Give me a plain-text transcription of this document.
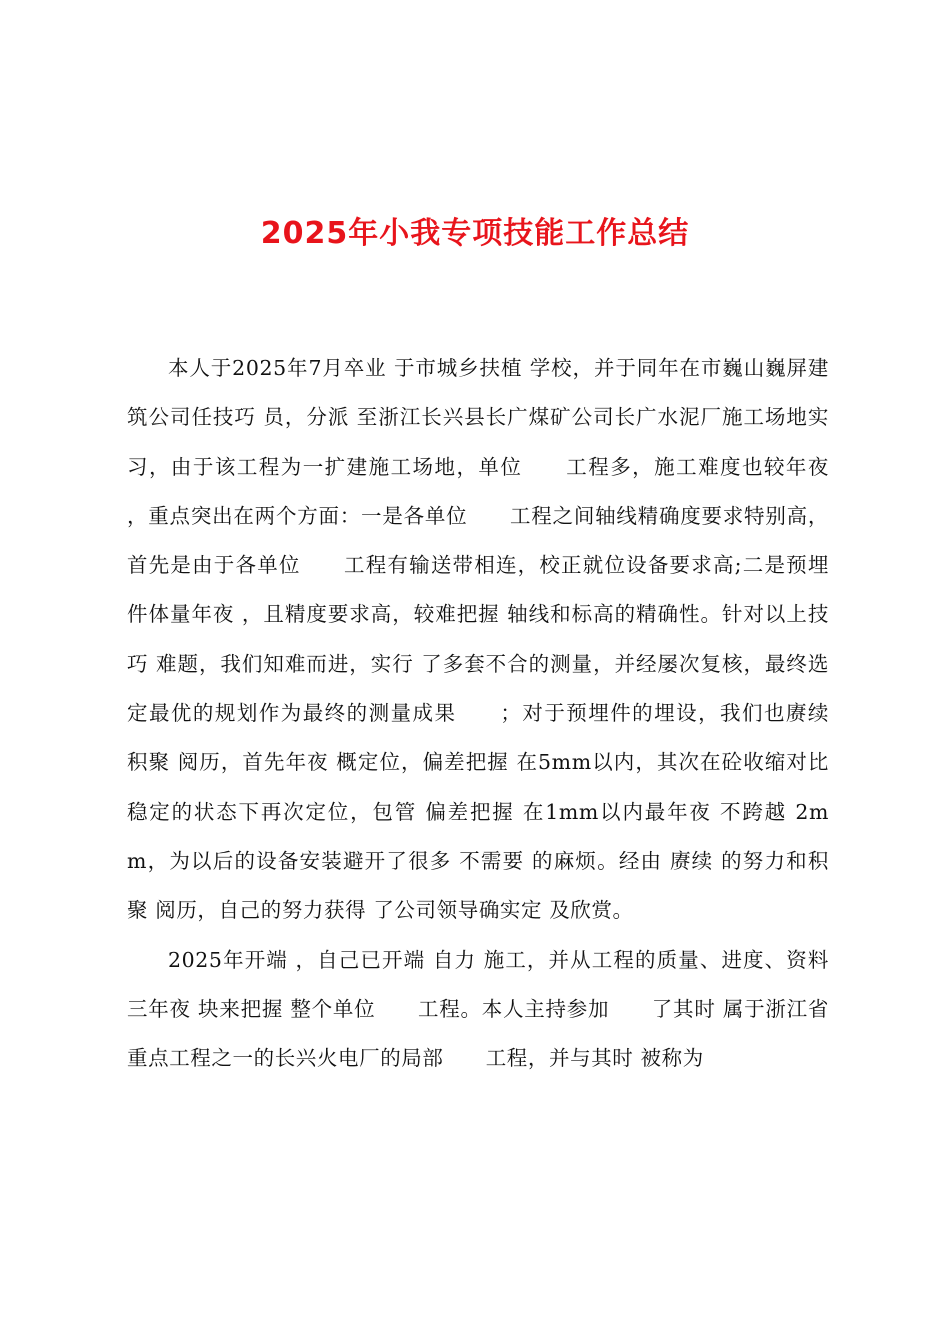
2025年小我专项技能工作总结

本人于2025年7月卒业 于市城乡扶植 学校，并于同年在市巍山巍屏建筑公司任技巧 员，分派 至浙江长兴县长广煤矿公司长广水泥厂施工场地实习，由于该工程为一扩建施工场地，单位　　工程多，施工难度也较年夜 ，重点突出在两个方面：一是各单位　　工程之间轴线精确度要求特别高，首先是由于各单位　　工程有输送带相连，校正就位设备要求高;二是预埋件体量年夜 ，且精度要求高，较难把握 轴线和标高的精确性。针对以上技巧 难题，我们知难而进，实行 了多套不合的测量，并经屡次复核，最终选定最优的规划作为最终的测量成果　　；对于预埋件的埋设，我们也赓续 积聚 阅历，首先年夜 概定位，偏差把握 在5mm以内，其次在砼收缩对比稳定的状态下再次定位，包管 偏差把握 在1mm以内最年夜 不跨越 2mm，为以后的设备安装避开了很多 不需要 的麻烦。经由 赓续 的努力和积聚 阅历，自己的努力获得 了公司领导确实定 及欣赏。

2025年开端 ，自己已开端 自力 施工，并从工程的质量、进度、资料三年夜 块来把握 整个单位　　工程。本人主持参加　　了其时 属于浙江省重点工程之一的长兴火电厂的局部　　工程，并与其时 被称为
